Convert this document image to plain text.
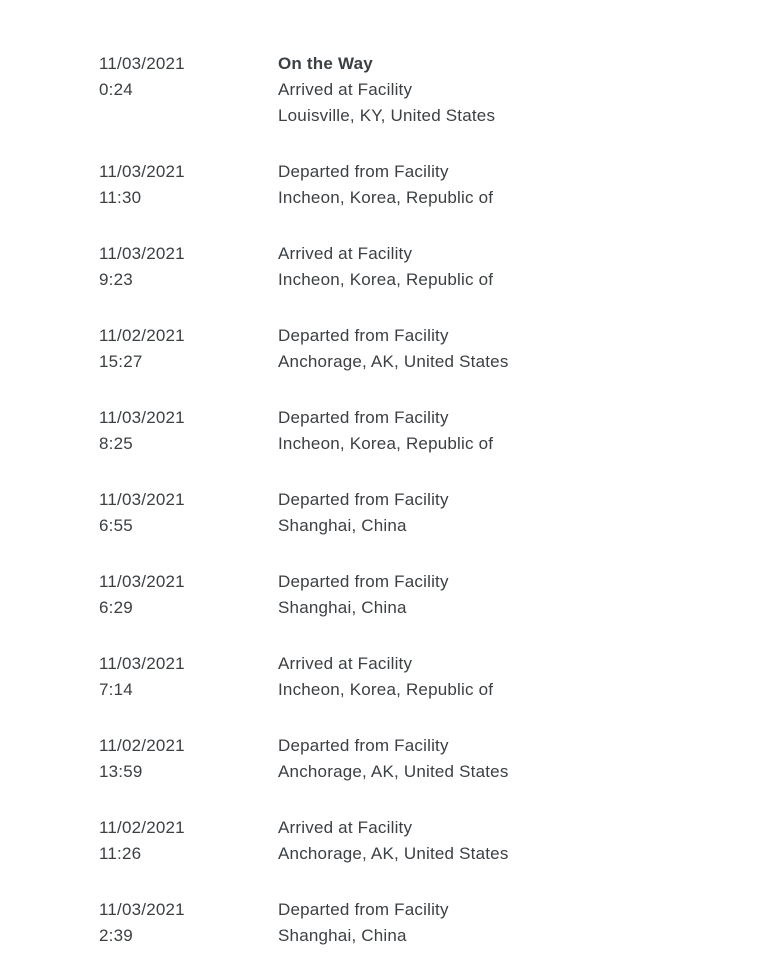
11/03/2021
0:24
On the Way
Arrived at Facility
Louisville, KY, United States
11/03/2021
11:30
Departed from Facility
Incheon, Korea, Republic of
11/03/2021
9:23
Arrived at Facility
Incheon, Korea, Republic of
11/02/2021
15:27
Departed from Facility
Anchorage, AK, United States
11/03/2021
8:25
Departed from Facility
Incheon, Korea, Republic of
11/03/2021
6:55
Departed from Facility
Shanghai, China
11/03/2021
6:29
Departed from Facility
Shanghai, China
11/03/2021
7:14
Arrived at Facility
Incheon, Korea, Republic of
11/02/2021
13:59
Departed from Facility
Anchorage, AK, United States
11/02/2021
11:26
Arrived at Facility
Anchorage, AK, United States
11/03/2021
2:39
Departed from Facility
Shanghai, China
